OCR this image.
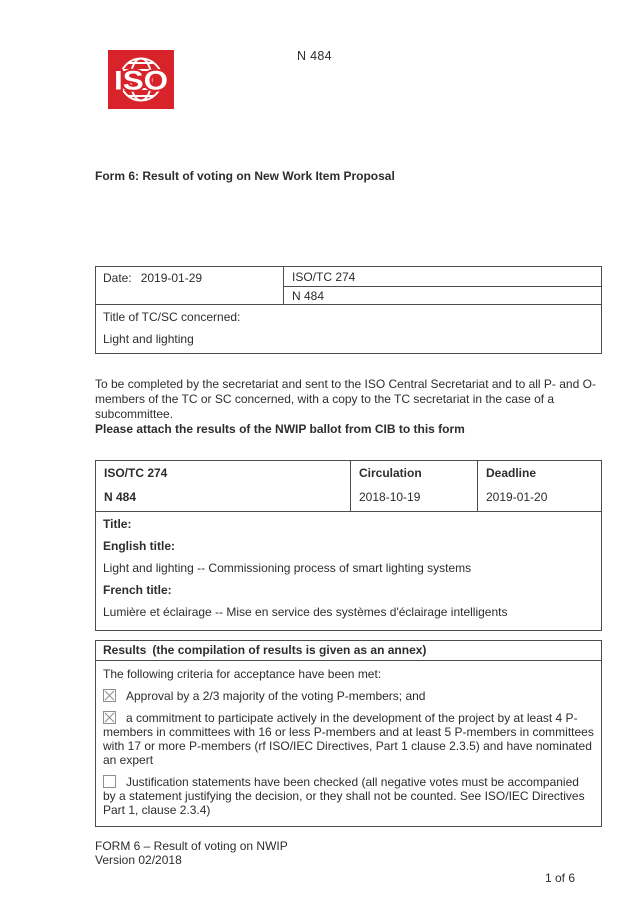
ISO
N 484
Form 6: Result of voting on New Work Item Proposal
Date: 2019-01-29	ISO/TC 274
N 484
Title of TC/SC concerned:
Light and lighting

To be completed by the secretariat and sent to the ISO Central Secretariat and to all P- and O-members of the TC or SC concerned, with a copy to the TC secretariat in the case of a subcommittee.

Please attach the results of the NWIP ballot from CIB to this form

ISO/TC 274
N 484
Circulation
2018-10-19
Deadline
2019-01-20

Title:

English title:

Light and lighting -- Commissioning process of smart lighting systems

French title:

Lumière et éclairage -- Mise en service des systèmes d'éclairage intelligents

Results (the compilation of results is given as an annex)

The following criteria for acceptance have been met:

Approval by a 2/3 majority of the voting P-members; and

a commitment to participate actively in the development of the project by at least 4 P-members in committees with 16 or less P-members and at least 5 P-members in committees with 17 or more P-members (rf ISO/IEC Directives, Part 1 clause 2.3.5) and have nominated an expert

Justification statements have been checked (all negative votes must be accompanied by a statement justifying the decision, or they shall not be counted. See ISO/IEC Directives Part 1, clause 2.3.4)

FORM 6 – Result of voting on NWIP
Version 02/2018
1 of 6
